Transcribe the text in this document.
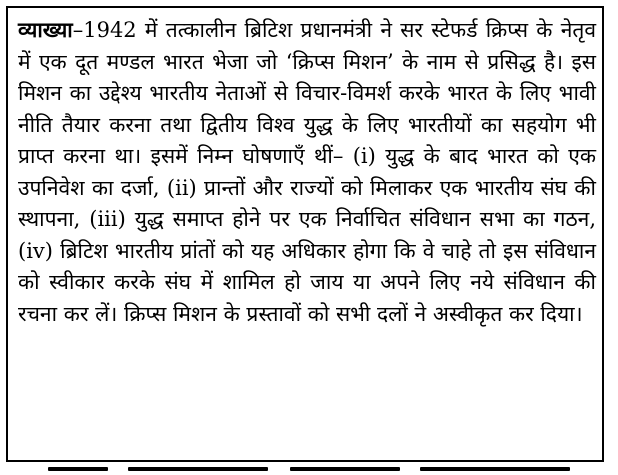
व्याख्या–1942 में तत्कालीन ब्रिटिश प्रधानमंत्री ने सर स्टेफर्ड क्रिप्स के नेतृव में एक दूत मण्डल भारत भेजा जो ‘क्रिप्स मिशन’ के नाम से प्रसिद्ध है। इस मिशन का उद्देश्य भारतीय नेताओं से विचार-विमर्श करके भारत के लिए भावी नीति तैयार करना तथा द्वितीय विश्व युद्ध के लिए भारतीयों का सहयोग भी प्राप्त करना था। इसमें निम्न घोषणाएँ थीं– (i) युद्ध के बाद भारत को एक उपनिवेश का दर्जा, (ii) प्रान्तों और राज्यों को मिलाकर एक भारतीय संघ की स्थापना, (iii) युद्ध समाप्त होने पर एक निर्वाचित संविधान सभा का गठन, (iv) ब्रिटिश भारतीय प्रांतों को यह अधिकार होगा कि वे चाहे तो इस संविधान को स्वीकार करके संघ में शामिल हो जाय या अपने लिए नये संविधान की रचना कर लें। क्रिप्स मिशन के प्रस्तावों को सभी दलों ने अस्वीकृत कर दिया।
